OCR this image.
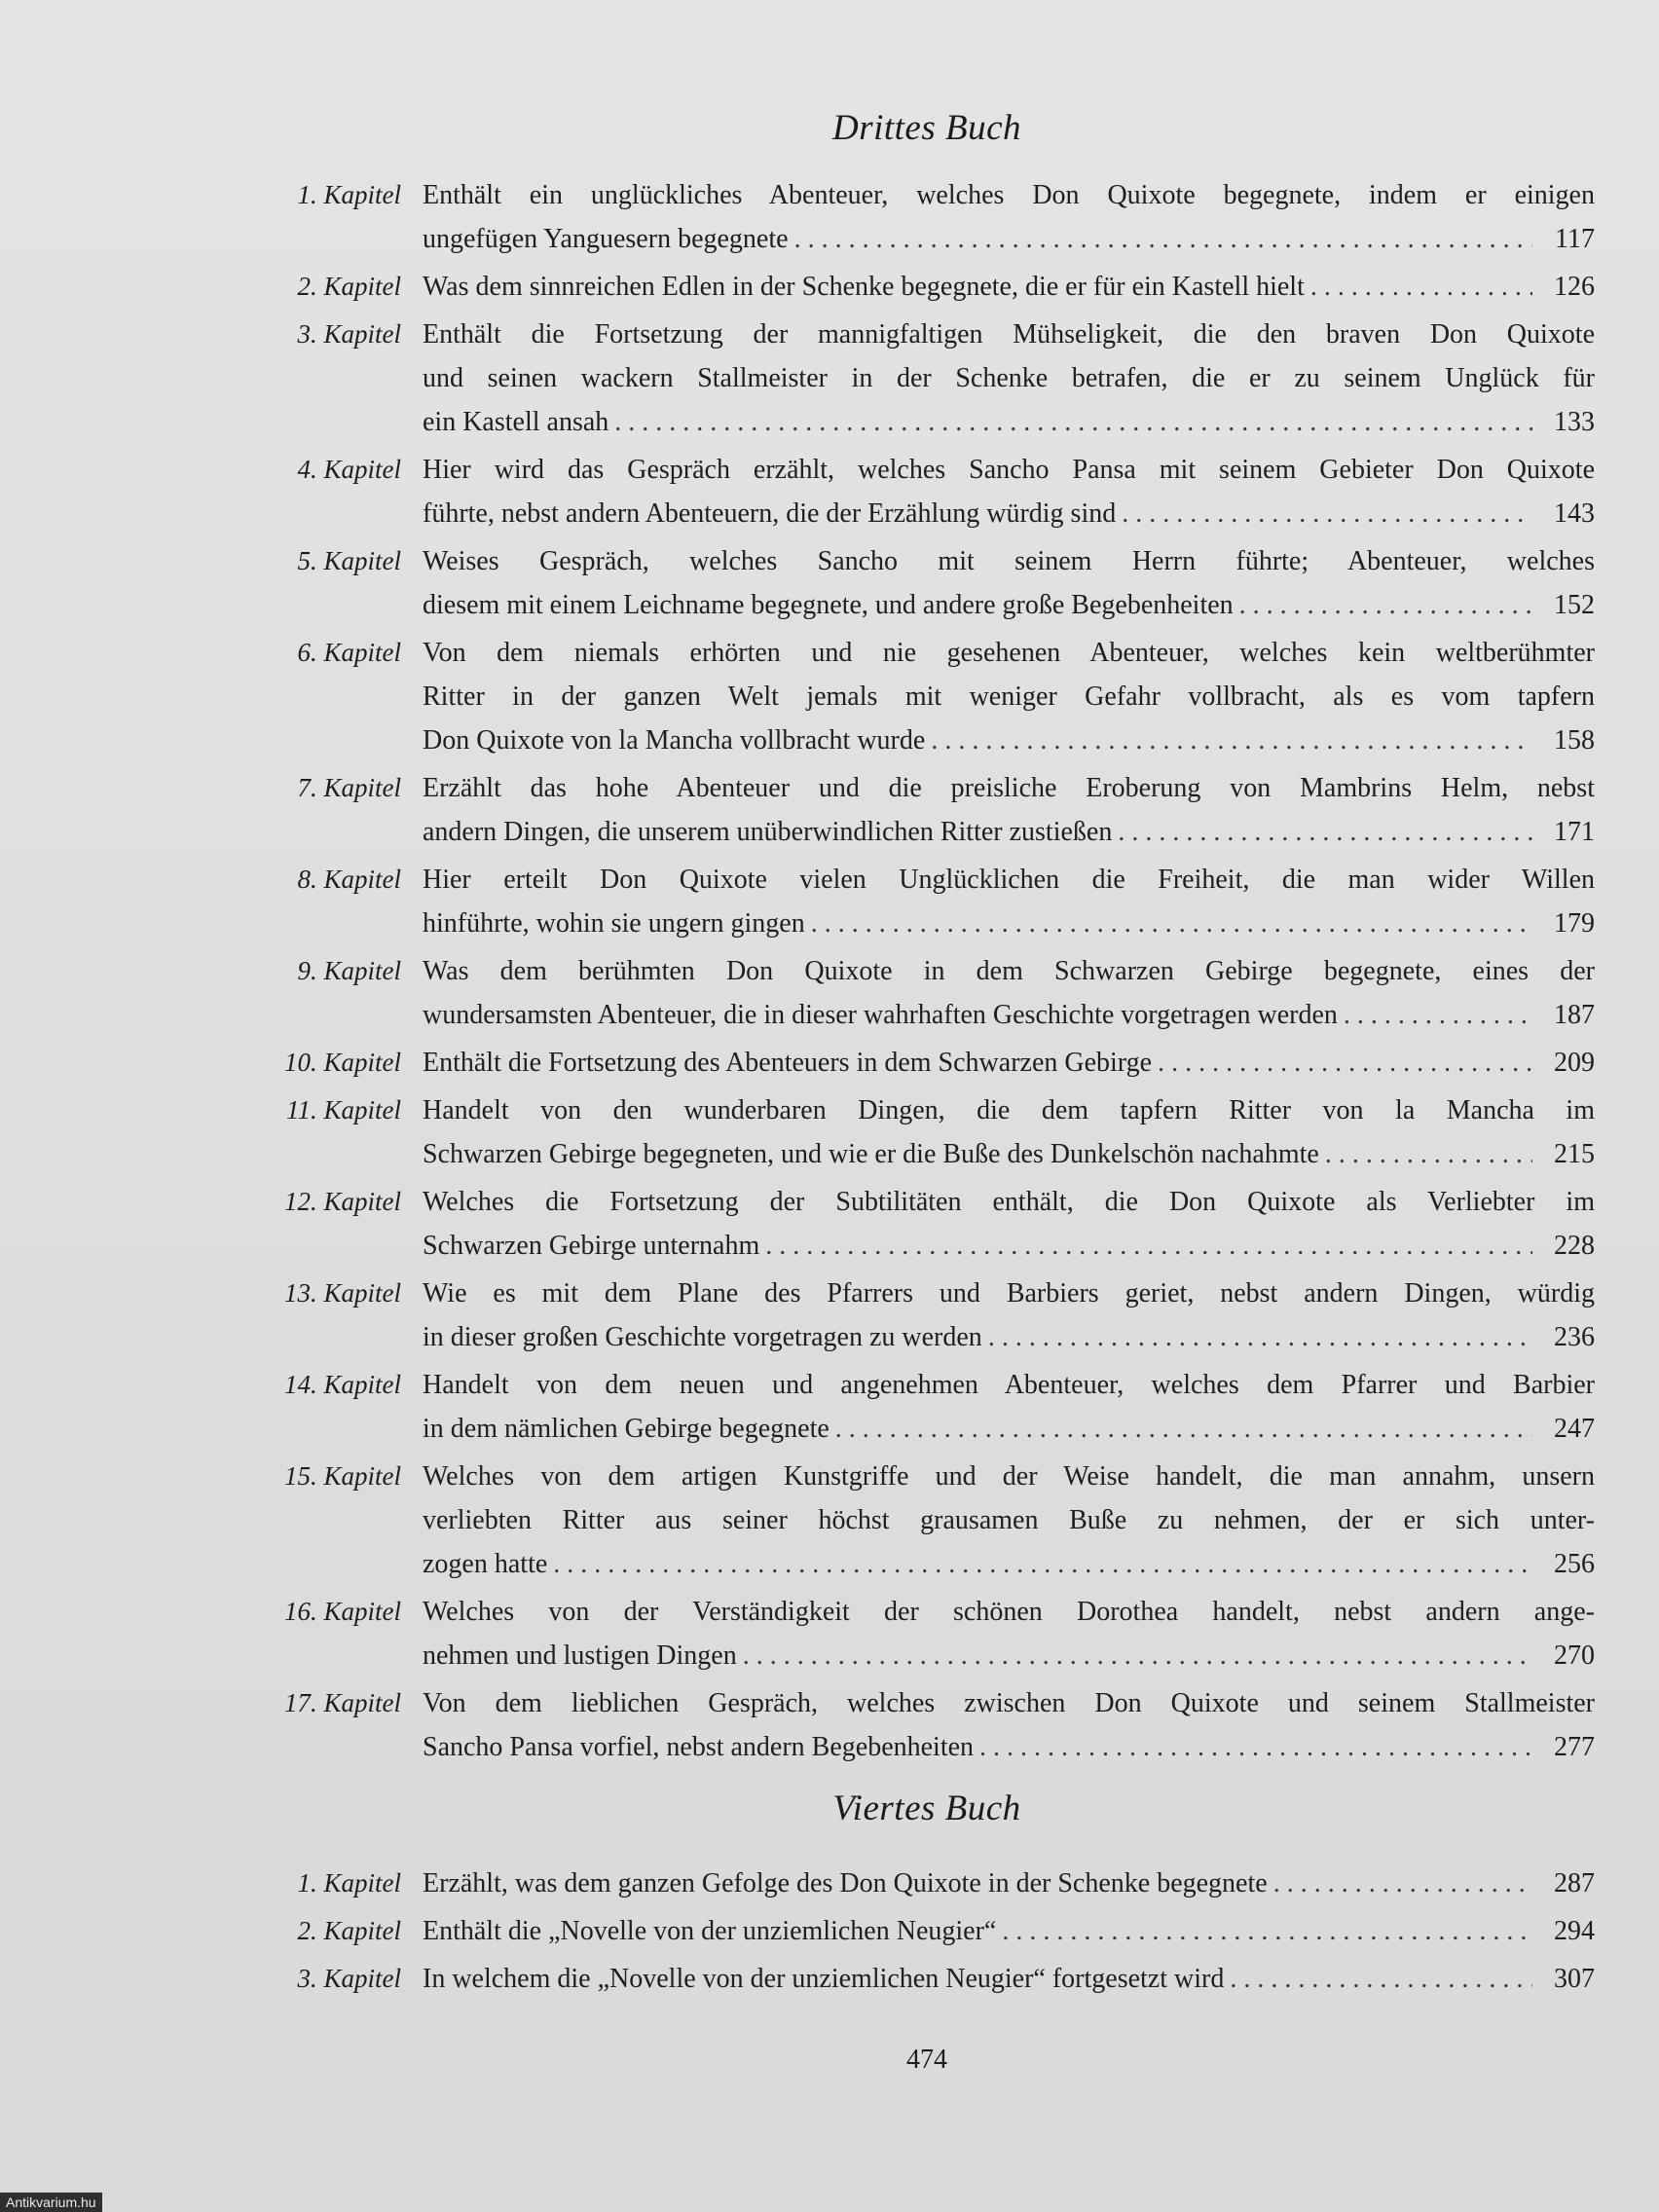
Drittes Buch
1. Kapitel Enthält ein unglückliches Abenteuer, welches Don Quixote begegnete, indem er einigen
ungefügen Yanguesern begegnete . . .	117
2. Kapitel Was dem sinnreichen Edlen in der Schenke begegnete, die er für ein Kastell hielt . . .	126
3. Kapitel Enthält die Fortsetzung der mannigfaltigen Mühseligkeit, die den braven Don Quixote
und seinen wackern Stallmeister in der Schenke betrafen, die er zu seinem Unglück für
ein Kastell ansah . . .	133
4. Kapitel Hier wird das Gespräch erzählt, welches Sancho Pansa mit seinem Gebieter Don Quixote
führte, nebst andern Abenteuern, die der Erzählung würdig sind . . .	143
5. Kapitel Weises Gespräch, welches Sancho mit seinem Herrn führte; Abenteuer, welches
diesem mit einem Leichname begegnete, und andere große Begebenheiten . . .	152
6. Kapitel Von dem niemals erhörten und nie gesehenen Abenteuer, welches kein weltberühmter
Ritter in der ganzen Welt jemals mit weniger Gefahr vollbracht, als es vom tapfern
Don Quixote von la Mancha vollbracht wurde . . .	158
7. Kapitel Erzählt das hohe Abenteuer und die preisliche Eroberung von Mambrins Helm, nebst
andern Dingen, die unserem unüberwindlichen Ritter zustießen . . .	171
8. Kapitel Hier erteilt Don Quixote vielen Unglücklichen die Freiheit, die man wider Willen
hinführte, wohin sie ungern gingen . . .	179
9. Kapitel Was dem berühmten Don Quixote in dem Schwarzen Gebirge begegnete, eines der
wundersamsten Abenteuer, die in dieser wahrhaften Geschichte vorgetragen werden . . .	187
10. Kapitel Enthält die Fortsetzung des Abenteuers in dem Schwarzen Gebirge . . .	209
11. Kapitel Handelt von den wunderbaren Dingen, die dem tapfern Ritter von la Mancha im
Schwarzen Gebirge begegneten, und wie er die Buße des Dunkelschön nachahmte . . .	215
12. Kapitel Welches die Fortsetzung der Subtilitäten enthält, die Don Quixote als Verliebter im
Schwarzen Gebirge unternahm . . .	228
13. Kapitel Wie es mit dem Plane des Pfarrers und Barbiers geriet, nebst andern Dingen, würdig
in dieser großen Geschichte vorgetragen zu werden . . .	236
14. Kapitel Handelt von dem neuen und angenehmen Abenteuer, welches dem Pfarrer und Barbier
in dem nämlichen Gebirge begegnete . . .	247
15. Kapitel Welches von dem artigen Kunstgriffe und der Weise handelt, die man annahm, unsern
verliebten Ritter aus seiner höchst grausamen Buße zu nehmen, der er sich unter-
zogen hatte . . .	256
16. Kapitel Welches von der Verständigkeit der schönen Dorothea handelt, nebst andern ange-
nehmen und lustigen Dingen . . .	270
17. Kapitel Von dem lieblichen Gespräch, welches zwischen Don Quixote und seinem Stallmeister
Sancho Pansa vorfiel, nebst andern Begebenheiten . . .	277
Viertes Buch
1. Kapitel Erzählt, was dem ganzen Gefolge des Don Quixote in der Schenke begegnete . . .	287
2. Kapitel Enthält die „Novelle von der unziemlichen Neugier“ . . .	294
3. Kapitel In welchem die „Novelle von der unziemlichen Neugier“ fortgesetzt wird . . .	307
474
Antikvarium.hu
